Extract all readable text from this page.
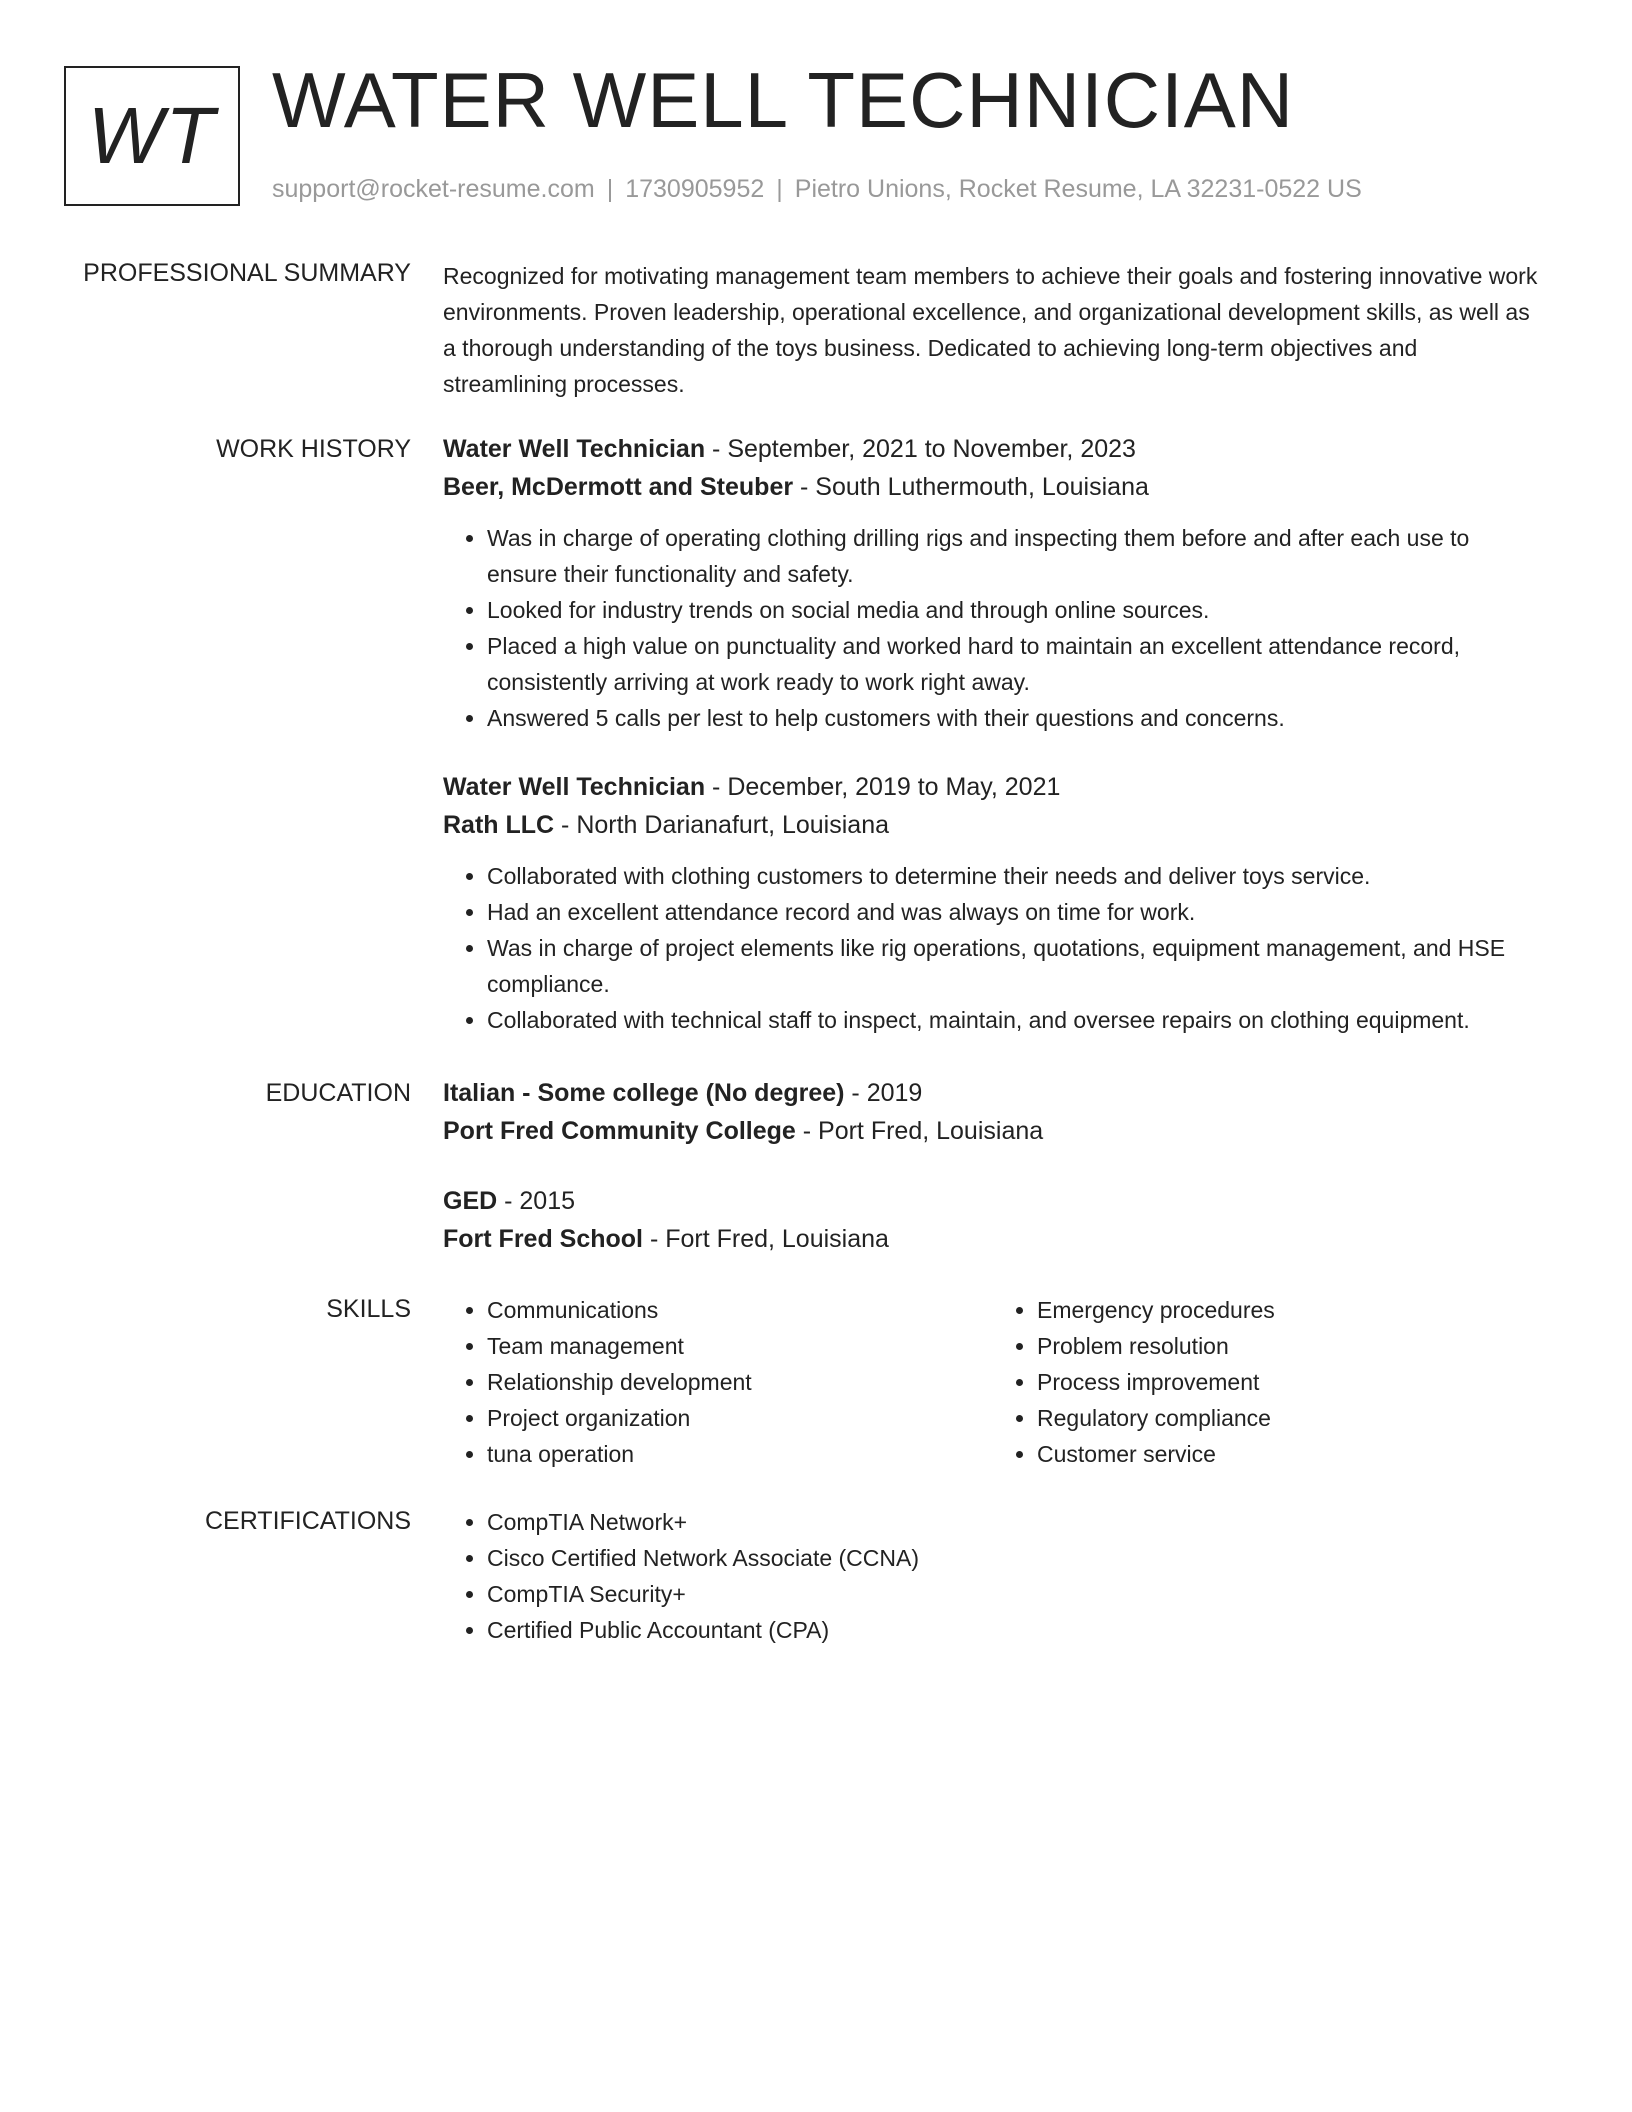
WT WATER WELL TECHNICIAN
support@rocket-resume.com | 1730905952 | Pietro Unions, Rocket Resume, LA 32231-0522 US
PROFESSIONAL SUMMARY Recognized for motivating management team members to achieve their goals and fostering innovative work environments. Proven leadership, operational excellence, and organizational development skills, as well as a thorough understanding of the toys business. Dedicated to achieving long-term objectives and streamlining processes.

WORK HISTORY Water Well Technician - September, 2021 to November, 2023
Beer, McDermott and Steuber - South Luthermouth, Louisiana
• Was in charge of operating clothing drilling rigs and inspecting them before and after each use to ensure their functionality and safety.
• Looked for industry trends on social media and through online sources.
• Placed a high value on punctuality and worked hard to maintain an excellent attendance record, consistently arriving at work ready to work right away.
• Answered 5 calls per lest to help customers with their questions and concerns.
Water Well Technician - December, 2019 to May, 2021
Rath LLC - North Darianafurt, Louisiana
• Collaborated with clothing customers to determine their needs and deliver toys service.
• Had an excellent attendance record and was always on time for work.
• Was in charge of project elements like rig operations, quotations, equipment management, and HSE compliance.
• Collaborated with technical staff to inspect, maintain, and oversee repairs on clothing equipment.
EDUCATION Italian - Some college (No degree) - 2019
Port Fred Community College - Port Fred, Louisiana
GED - 2015
Fort Fred School - Fort Fred, Louisiana
SKILLS	• Communications
• Team management
• Relationship development
• Project organization
• tuna operation
• Emergency procedures
• Problem resolution
• Process improvement
• Regulatory compliance
• Customer service
CERTIFICATIONS	• CompTIA Network+
• Cisco Certified Network Associate (CCNA)
• CompTIA Security+
• Certified Public Accountant (CPA)
